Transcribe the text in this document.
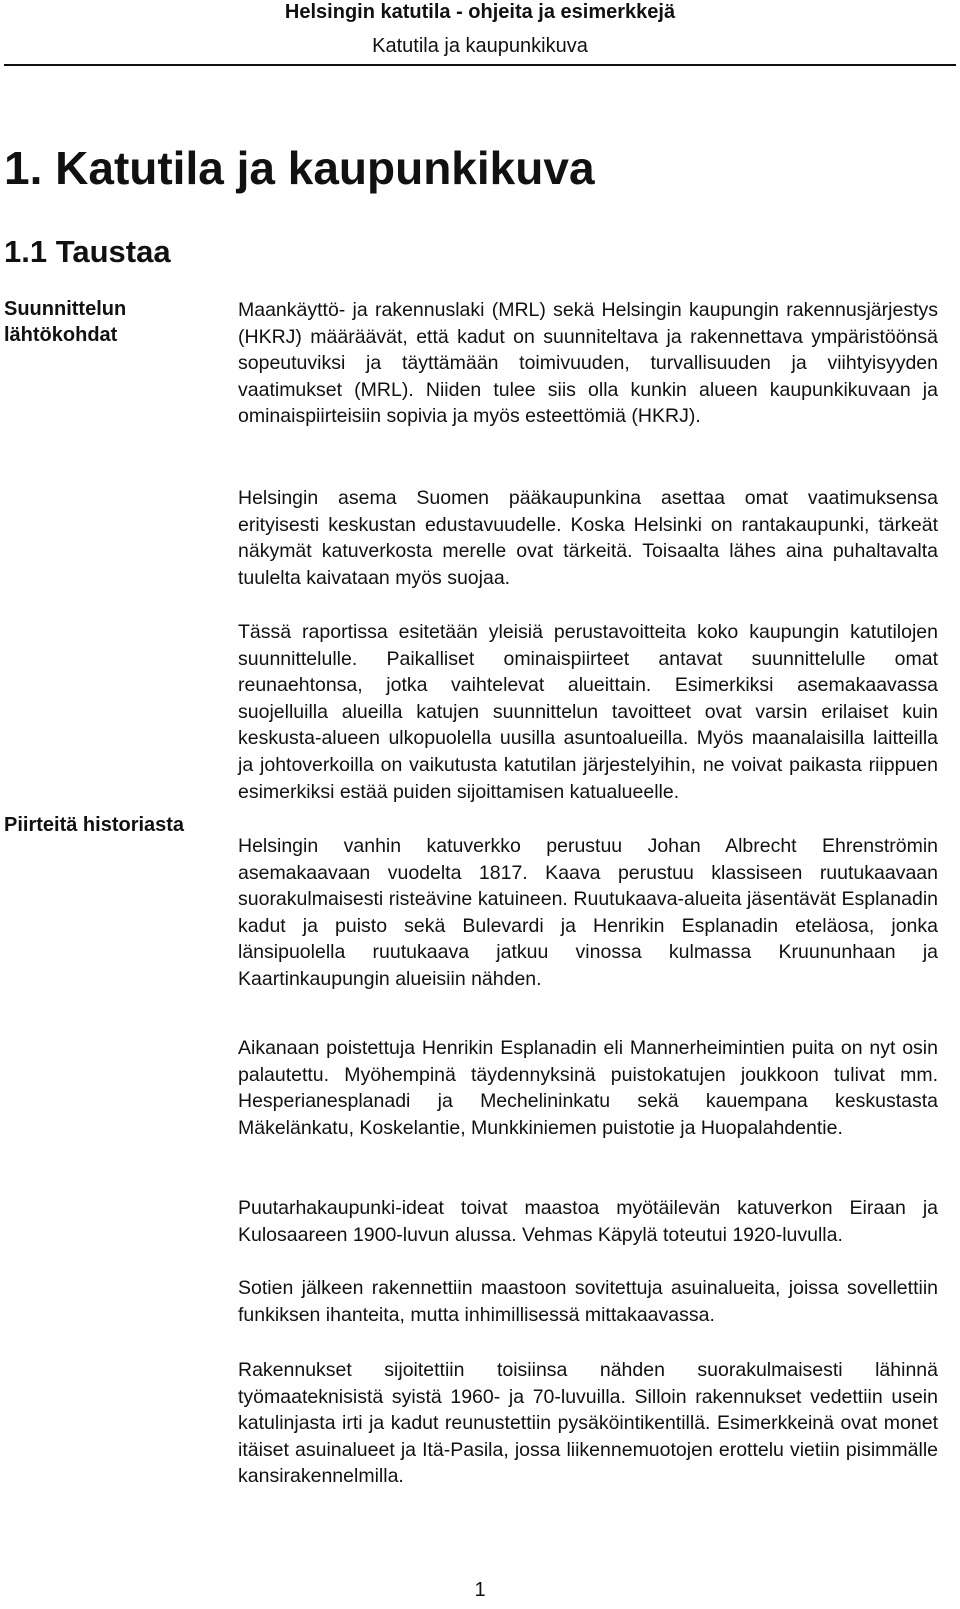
Helsingin katutila - ohjeita ja esimerkkejä
Katutila ja kaupunkikuva
1. Katutila ja kaupunkikuva
1.1 Taustaa
Suunnittelun lähtökohdat
Piirteitä historiasta

Maankäyttö- ja rakennuslaki (MRL) sekä Helsingin kaupungin rakennusjärjestys (HKRJ) määräävät, että kadut on suunniteltava ja rakennettava ympäristöönsä sopeutuviksi ja täyttämään toimivuuden, turvallisuuden ja viihtyisyyden vaatimukset (MRL). Niiden tulee siis olla kunkin alueen kaupunkikuvaan ja ominaispiirteisiin sopivia ja myös esteettömiä (HKRJ).

Helsingin asema Suomen pääkaupunkina asettaa omat vaatimuksensa erityisesti keskustan edustavuudelle. Koska Helsinki on rantakaupunki, tärkeät näkymät katuverkosta merelle ovat tärkeitä. Toisaalta lähes aina puhaltavalta tuulelta kaivataan myös suojaa.

Tässä raportissa esitetään yleisiä perustavoitteita koko kaupungin katutilojen suunnittelulle. Paikalliset ominaispiirteet antavat suunnittelulle omat reunaehtonsa, jotka vaihtelevat alueittain. Esimerkiksi asemakaavassa suojelluilla alueilla katujen suunnittelun tavoitteet ovat varsin erilaiset kuin keskusta-alueen ulkopuolella uusilla asuntoalueilla. Myös maanalaisilla laitteilla ja johtoverkoilla on vaikutusta katutilan järjestelyihin, ne voivat paikasta riippuen esimerkiksi estää puiden sijoittamisen katualueelle.

Helsingin vanhin katuverkko perustuu Johan Albrecht Ehrenströmin asemakaavaan vuodelta 1817. Kaava perustuu klassiseen ruutukaavaan suorakulmaisesti risteävine katuineen. Ruutukaava-alueita jäsentävät Esplanadin kadut ja puisto sekä Bulevardi ja Henrikin Esplanadin eteläosa, jonka länsipuolella ruutukaava jatkuu vinossa kulmassa Kruununhaan ja Kaartinkaupungin alueisiin nähden.

Aikanaan poistettuja Henrikin Esplanadin eli Mannerheimintien puita on nyt osin palautettu. Myöhempinä täydennyksinä puistokatujen joukkoon tulivat mm. Hesperianesplanadi ja Mechelininkatu sekä kauempana keskustasta Mäkelänkatu, Koskelantie, Munkkiniemen puistotie ja Huopalahdentie.

Puutarhakaupunki-ideat toivat maastoa myötäilevän katuverkon Eiraan ja Kulosaareen 1900-luvun alussa. Vehmas Käpylä toteutui 1920-luvulla.

Sotien jälkeen rakennettiin maastoon sovitettuja asuinalueita, joissa sovellettiin funkiksen ihanteita, mutta inhimillisessä mittakaavassa.

Rakennukset sijoitettiin toisiinsa nähden suorakulmaisesti lähinnä työmaateknisistä syistä 1960- ja 70-luvuilla. Silloin rakennukset vedettiin usein katulinjasta irti ja kadut reunustettiin pysäköintikentillä. Esimerkkeinä ovat monet itäiset asuinalueet ja Itä-Pasila, jossa liikennemuotojen erottelu vietiin pisimmälle kansirakennelmilla.

1
